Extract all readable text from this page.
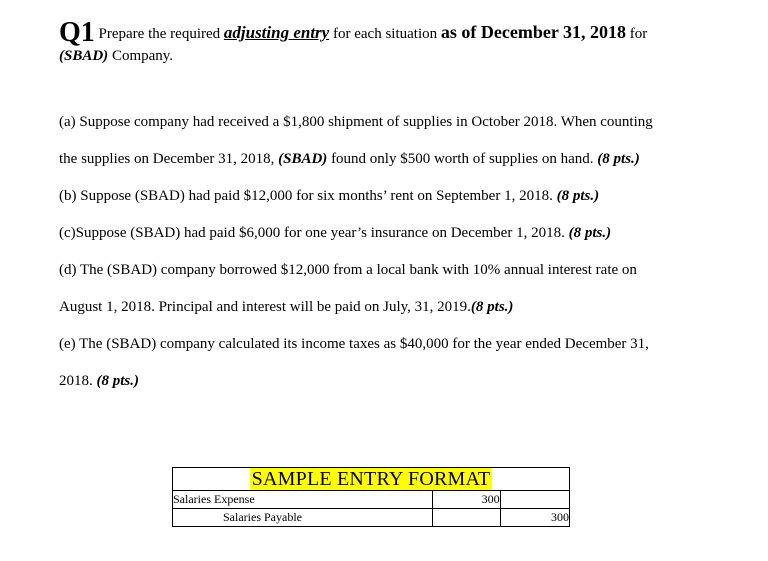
Q1 Prepare the required adjusting entry for each situation as of December 31, 2018 for
(SBAD) Company.
(a) Suppose company had received a $1,800 shipment of supplies in October 2018. When counting
the supplies on December 31, 2018, (SBAD) found only $500 worth of supplies on hand. (8 pts.)
(b) Suppose (SBAD) had paid $12,000 for six months’ rent on September 1, 2018. (8 pts.)
(c)Suppose (SBAD) had paid $6,000 for one year’s insurance on December 1, 2018. (8 pts.)
(d) The (SBAD) company borrowed $12,000 from a local bank with 10% annual interest rate on
August 1, 2018. Principal and interest will be paid on July, 31, 2019.(8 pts.)
(e) The (SBAD) company calculated its income taxes as $40,000 for the year ended December 31,
2018. (8 pts.)
SAMPLE ENTRY FORMAT		
Salaries Expense	300	
Salaries Payable		300
